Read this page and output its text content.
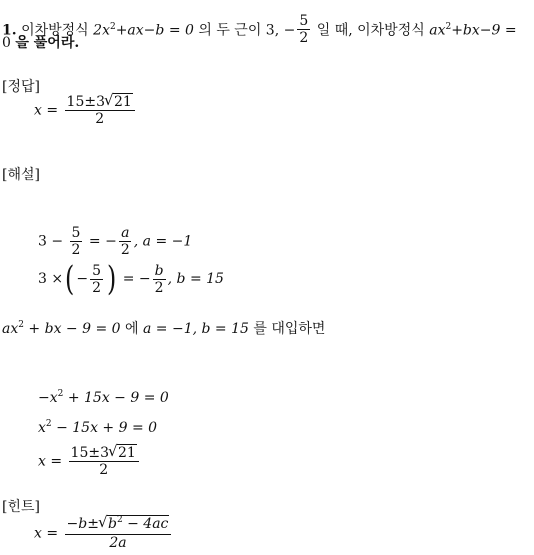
1. 이차방정식 $2x^2+ax-b = 0$ 의 두 근이 3, − $\frac{5}{2}$ 일 때, 이차방정식 $ax^2+bx-9$ =
0 을 풀어라.
[정답]
$x = \frac{15\pm 3 √ 21}{2}$
[해설]
$3 - \frac{5}{2}$ = − $\frac{a}{2}$ , a = −1
3 ×( − $\frac{5}{2}$ ) = − $\frac{b}{2}$ , b = 15
$ax^2$ + bx − 9 = 0 에 a = −1, b = 15 를 대입하면
$-x^2 + 15x - 9 = 0$
$x^2 - 15x + 9 = 0$
$x = \frac{15\pm 3 √ 21}{2}$
[힌트]
$x = \frac{-b\pm √ b^2 - 4ac}{2a}$
